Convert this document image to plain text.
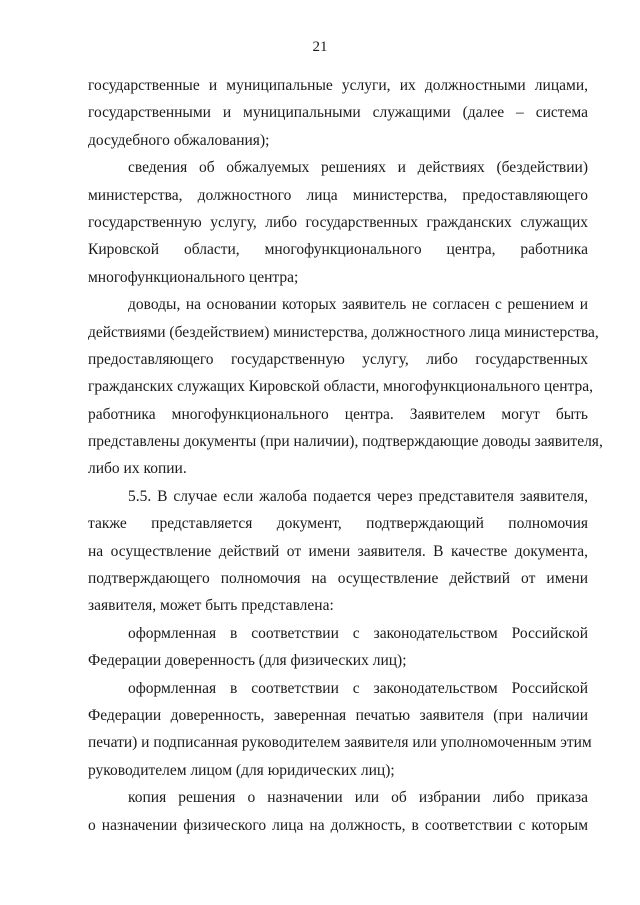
21
государственные и муниципальные услуги, их должностными лицами,
государственными и муниципальными служащими (далее – система
досудебного обжалования);
сведения об обжалуемых решениях и действиях (бездействии)
министерства, должностного лица министерства, предоставляющего
государственную услугу, либо государственных гражданских служащих
Кировской области, многофункционального центра, работника
многофункционального центра;
доводы, на основании которых заявитель не согласен с решением и
действиями (бездействием) министерства, должностного лица министерства,
предоставляющего государственную услугу, либо государственных
гражданских служащих Кировской области, многофункционального центра,
работника многофункционального центра. Заявителем могут быть
представлены документы (при наличии), подтверждающие доводы заявителя,
либо их копии.
5.5. В случае если жалоба подается через представителя заявителя,
также представляется документ, подтверждающий полномочия
на осуществление действий от имени заявителя. В качестве документа,
подтверждающего полномочия на осуществление действий от имени
заявителя, может быть представлена:
оформленная в соответствии с законодательством Российской
Федерации доверенность (для физических лиц);
оформленная в соответствии с законодательством Российской
Федерации доверенность, заверенная печатью заявителя (при наличии
печати) и подписанная руководителем заявителя или уполномоченным этим
руководителем лицом (для юридических лиц);
копия решения о назначении или об избрании либо приказа
о назначении физического лица на должность, в соответствии с которым
